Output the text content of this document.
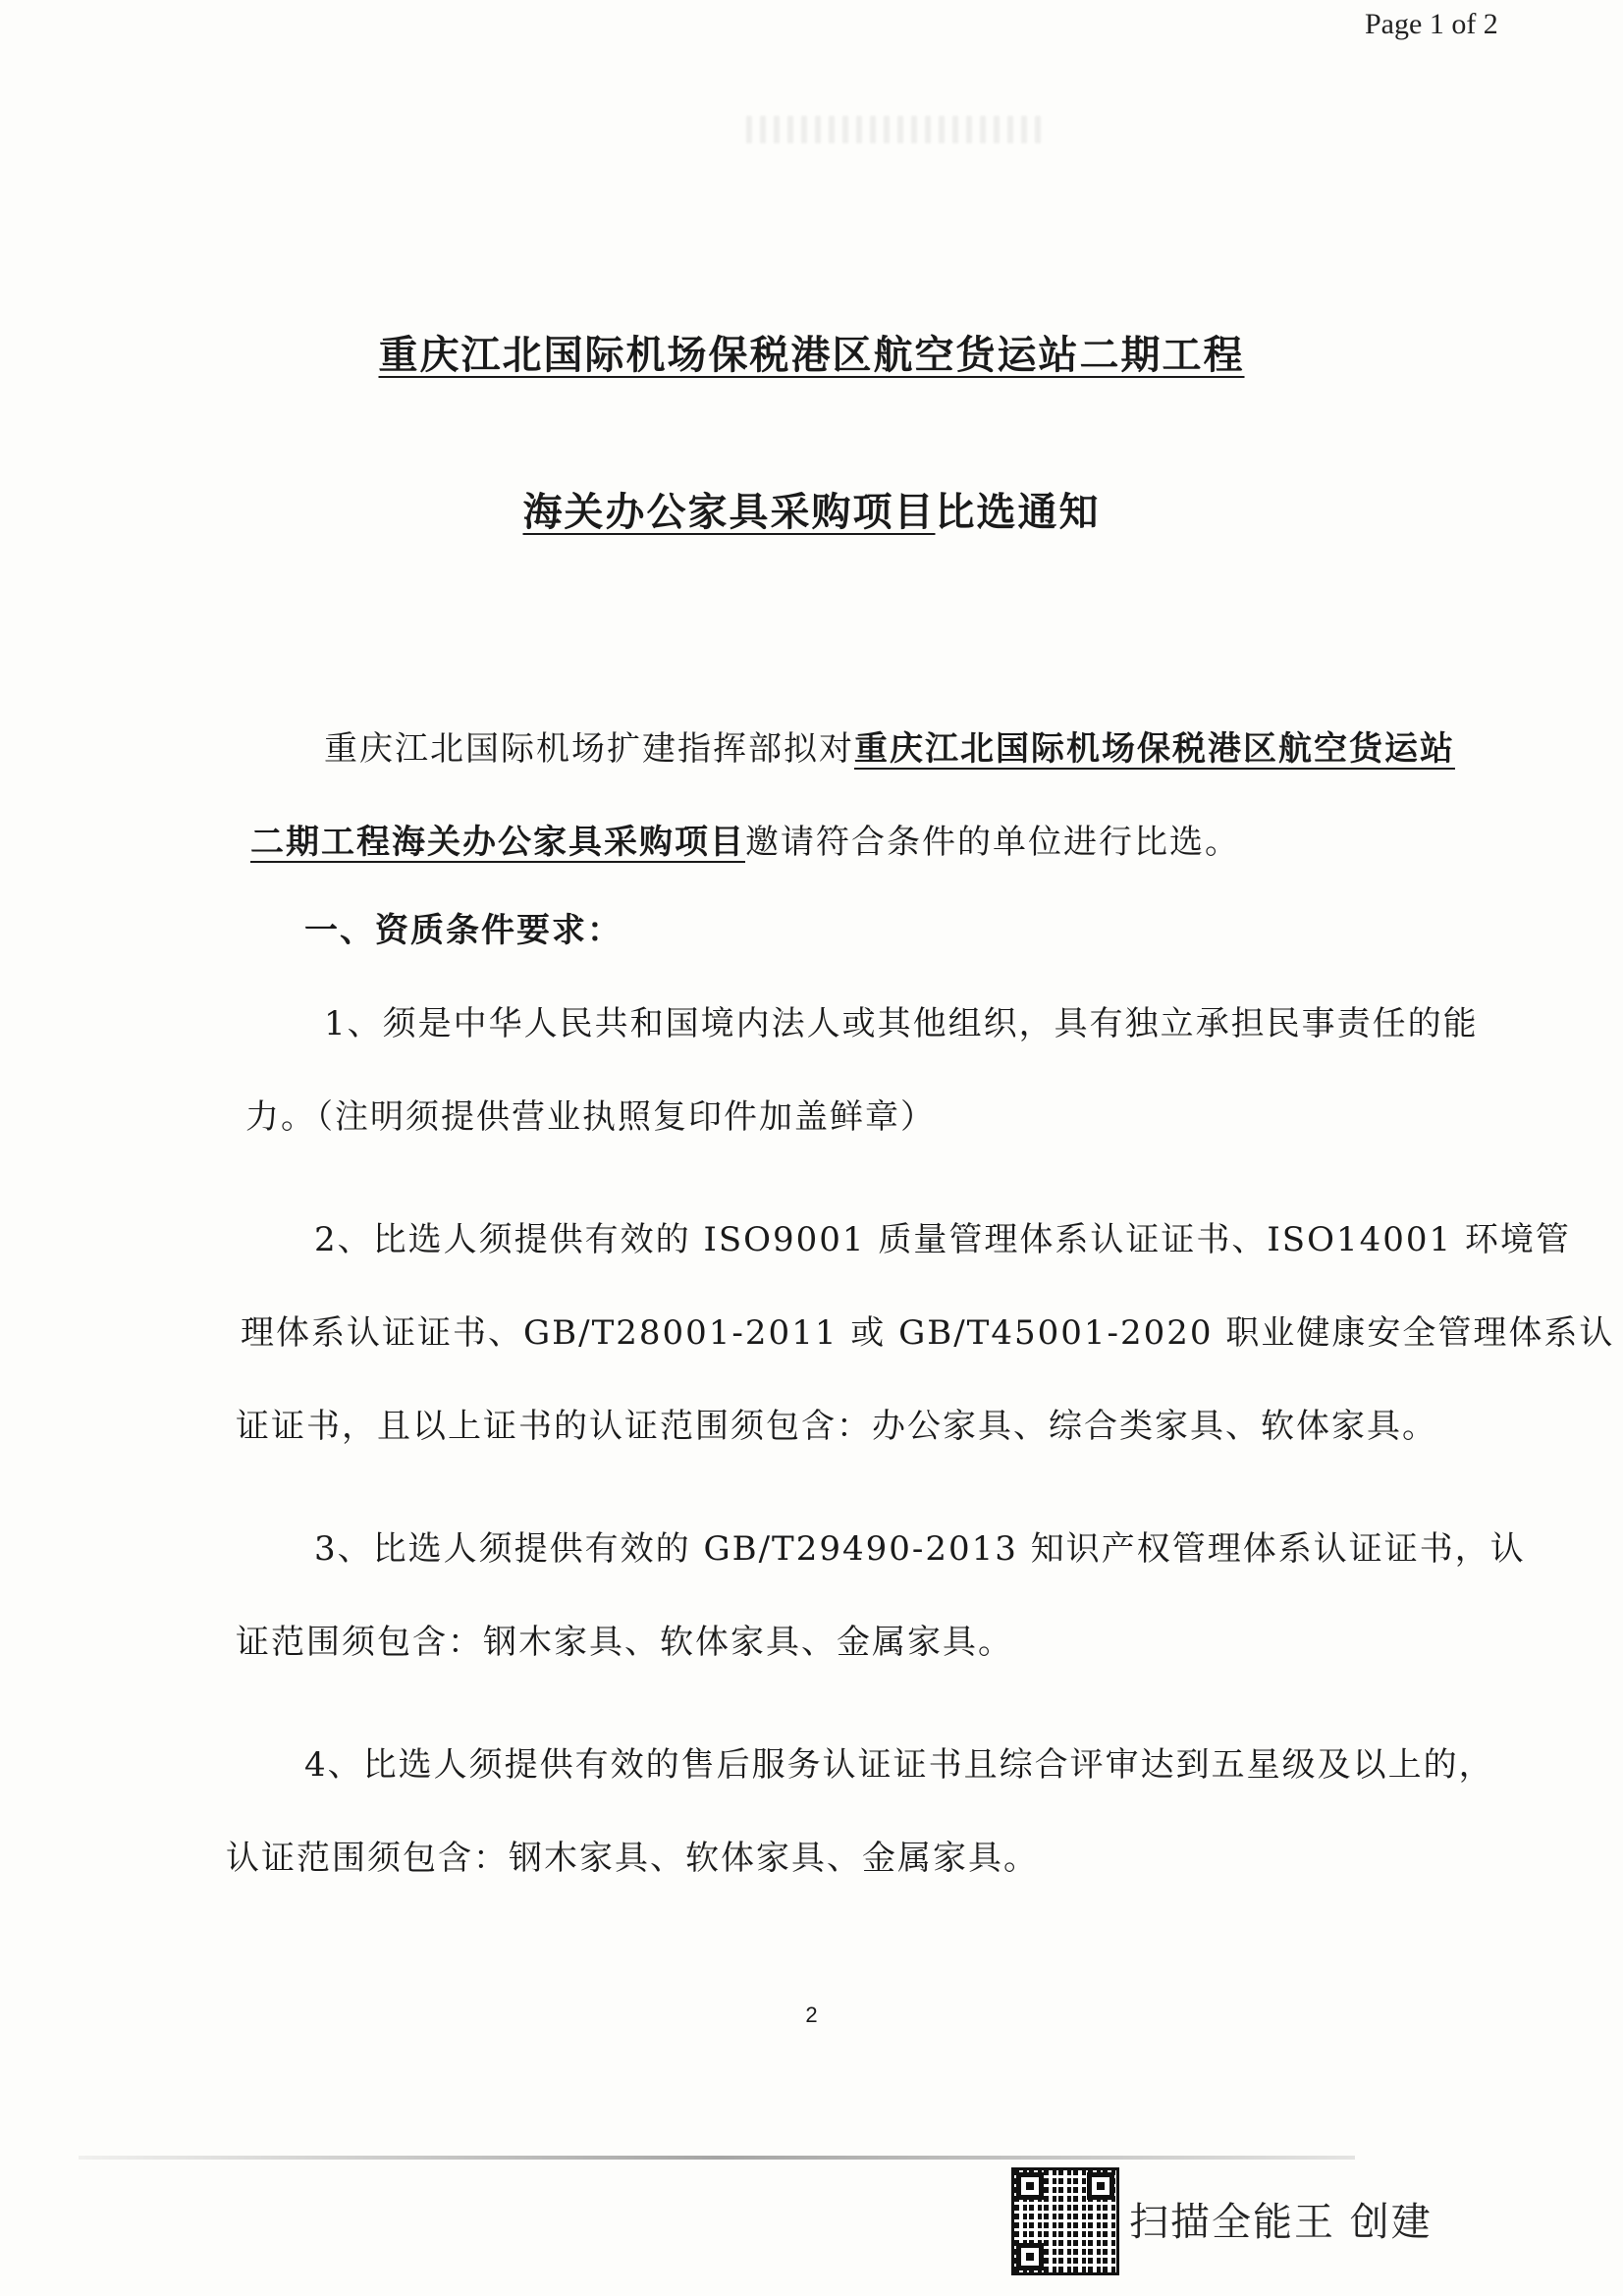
Page 1 of 2
重庆江北国际机场保税港区航空货运站二期工程
海关办公家具采购项目比选通知
重庆江北国际机场扩建指挥部拟对重庆江北国际机场保税港区航空货运站
二期工程海关办公家具采购项目邀请符合条件的单位进行比选。
一、资质条件要求：
1、须是中华人民共和国境内法人或其他组织，具有独立承担民事责任的能
力。（注明须提供营业执照复印件加盖鲜章）
2、比选人须提供有效的 ISO9001 质量管理体系认证证书、ISO14001 环境管
理体系认证证书、GB/T28001-2011 或 GB/T45001-2020 职业健康安全管理体系认
证证书，且以上证书的认证范围须包含：办公家具、综合类家具、软体家具。
3、比选人须提供有效的 GB/T29490-2013 知识产权管理体系认证证书，认
证范围须包含：钢木家具、软体家具、金属家具。
4、比选人须提供有效的售后服务认证证书且综合评审达到五星级及以上的，
认证范围须包含：钢木家具、软体家具、金属家具。
2
扫描全能王 创建
